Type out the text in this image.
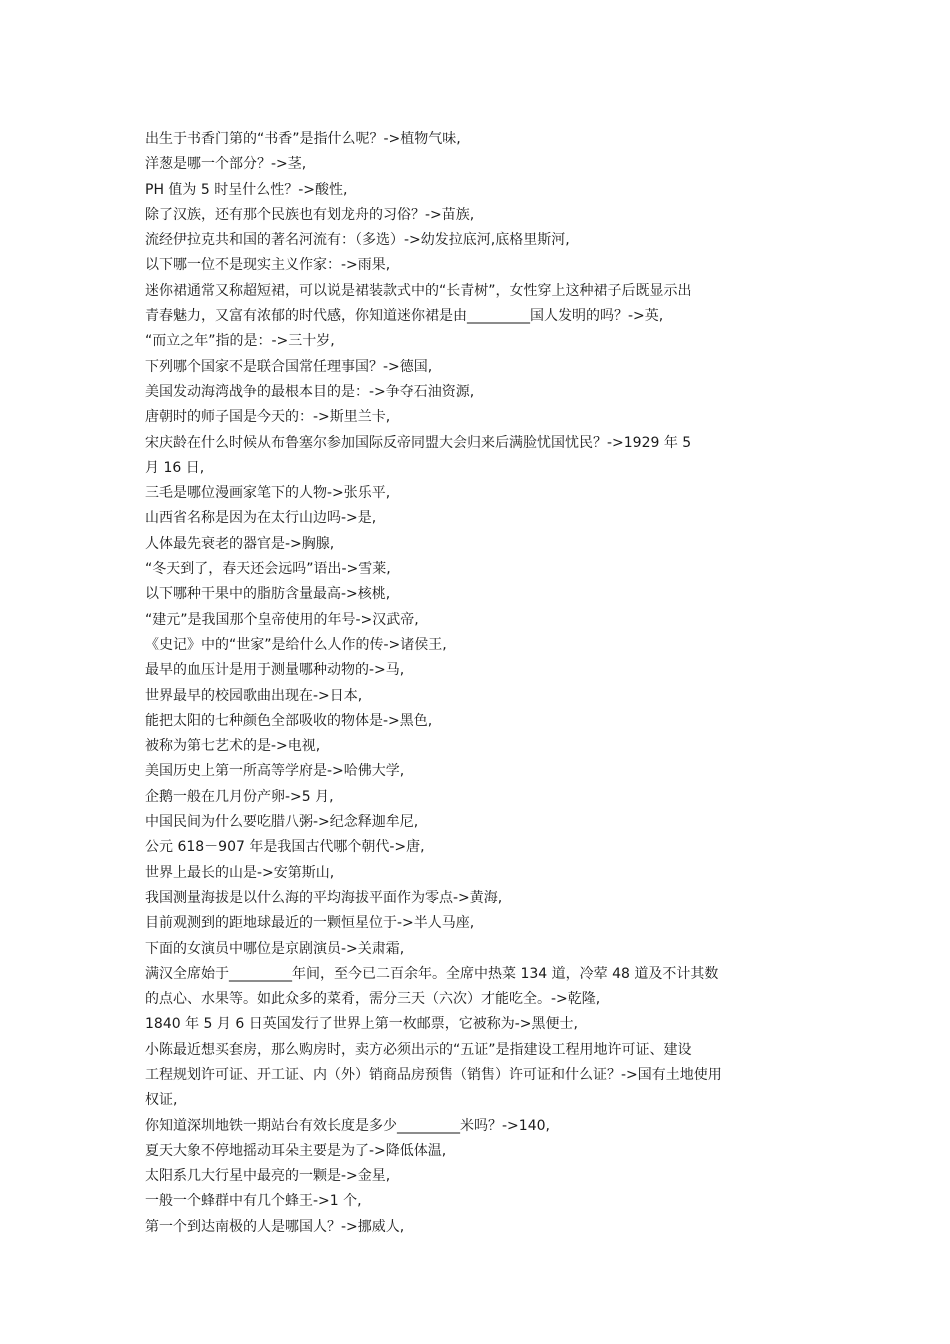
出生于书香门第的“书香”是指什么呢？->植物气味,
洋葱是哪一个部分？->茎,
PH 值为 5 时呈什么性？->酸性,
除了汉族，还有那个民族也有划龙舟的习俗？->苗族,
流经伊拉克共和国的著名河流有：（多选）->幼发拉底河,底格里斯河,
以下哪一位不是现实主义作家：->雨果,
迷你裙通常又称超短裙，可以说是裙装款式中的“长青树”，女性穿上这种裙子后既显示出
青春魅力，又富有浓郁的时代感，你知道迷你裙是由_________国人发明的吗？->英,
“而立之年”指的是：->三十岁,
下列哪个国家不是联合国常任理事国？->德国,
美国发动海湾战争的最根本目的是：->争夺石油资源,
唐朝时的师子国是今天的：->斯里兰卡,
宋庆龄在什么时候从布鲁塞尔参加国际反帝同盟大会归来后满脸忧国忧民？->1929 年 5
月 16 日,
三毛是哪位漫画家笔下的人物->张乐平,
山西省名称是因为在太行山边吗->是,
人体最先衰老的器官是->胸腺,
“冬天到了，春天还会远吗”语出->雪莱,
以下哪种干果中的脂肪含量最高->核桃,
“建元”是我国那个皇帝使用的年号->汉武帝,
《史记》中的“世家”是给什么人作的传->诸侯王,
最早的血压计是用于测量哪种动物的->马,
世界最早的校园歌曲出现在->日本,
能把太阳的七种颜色全部吸收的物体是->黑色,
被称为第七艺术的是->电视,
美国历史上第一所高等学府是->哈佛大学,
企鹅一般在几月份产卵->5 月,
中国民间为什么要吃腊八粥->纪念释迦牟尼,
公元 618－907 年是我国古代哪个朝代->唐,
世界上最长的山是->安第斯山,
我国测量海拔是以什么海的平均海拔平面作为零点->黄海,
目前观测到的距地球最近的一颗恒星位于->半人马座,
下面的女演员中哪位是京剧演员->关肃霜,
满汉全席始于_________年间，至今已二百余年。全席中热菜 134 道，冷荤 48 道及不计其数
的点心、水果等。如此众多的菜肴，需分三天（六次）才能吃全。->乾隆,
1840 年 5 月 6 日英国发行了世界上第一枚邮票，它被称为->黑便士,
小陈最近想买套房，那么购房时，卖方必须出示的“五证”是指建设工程用地许可证、建设
工程规划许可证、开工证、内（外）销商品房预售（销售）许可证和什么证？->国有土地使用
权证,
你知道深圳地铁一期站台有效长度是多少_________米吗？->140,
夏天大象不停地摇动耳朵主要是为了->降低体温,
太阳系几大行星中最亮的一颗是->金星,
一般一个蜂群中有几个蜂王->1 个,
第一个到达南极的人是哪国人？->挪威人,
